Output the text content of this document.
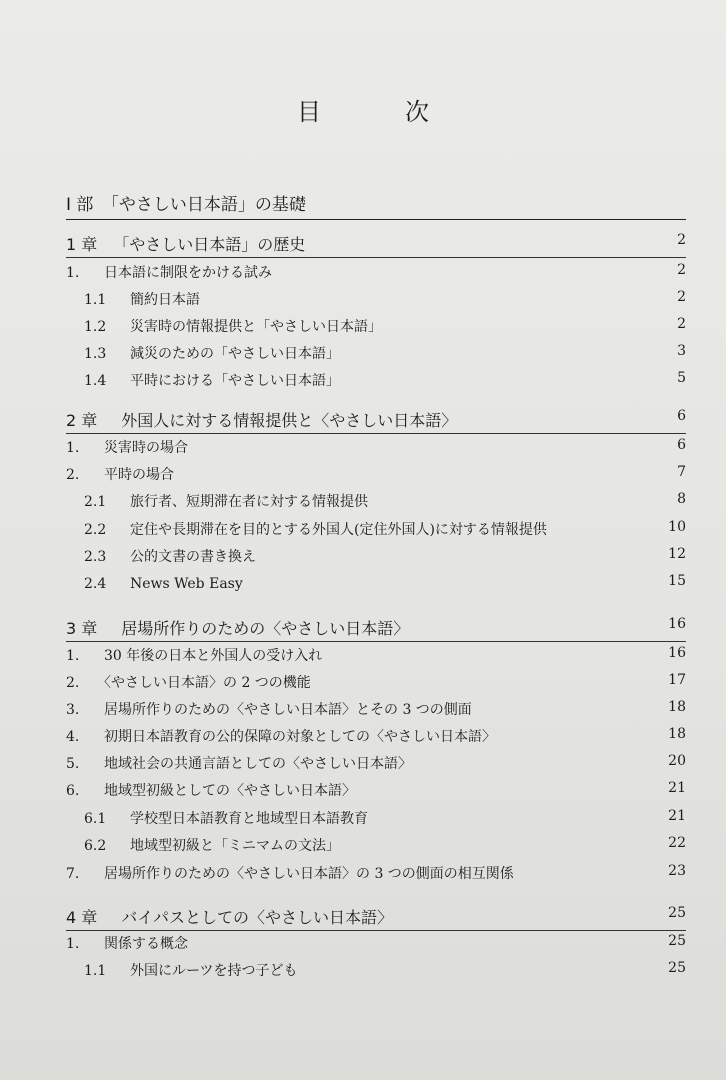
目　次
I 部　「やさしい日本語」の基礎
1 章　「やさしい日本語」の歴史	2
1.　日本語に制限をかける試み	2
1.1　簡約日本語	2
1.2　災害時の情報提供と「やさしい日本語」	2
1.3　減災のための「やさしい日本語」	3
1.4　平時における「やさしい日本語」	5
2 章　外国人に対する情報提供と〈やさしい日本語〉	6
1.　災害時の場合	6
2.　平時の場合	7
2.1　旅行者、短期滞在者に対する情報提供	8
2.2　定住や長期滞在を目的とする外国人(定住外国人)に対する情報提供	10
2.3　公的文書の書き換え	12
2.4　News Web Easy	15
3 章　居場所作りのための〈やさしい日本語〉	16
1.　30 年後の日本と外国人の受け入れ	16
2.　〈やさしい日本語〉の 2 つの機能	17
3.　居場所作りのための〈やさしい日本語〉とその 3 つの側面	18
4.　初期日本語教育の公的保障の対象としての〈やさしい日本語〉	18
5.　地域社会の共通言語としての〈やさしい日本語〉	20
6.　地域型初級としての〈やさしい日本語〉	21
6.1　学校型日本語教育と地域型日本語教育	21
6.2　地域型初級と「ミニマムの文法」	22
7.　居場所作りのための〈やさしい日本語〉の 3 つの側面の相互関係	23
4 章　バイパスとしての〈やさしい日本語〉	25
1.　関係する概念	25
1.1　外国にルーツを持つ子ども	25
